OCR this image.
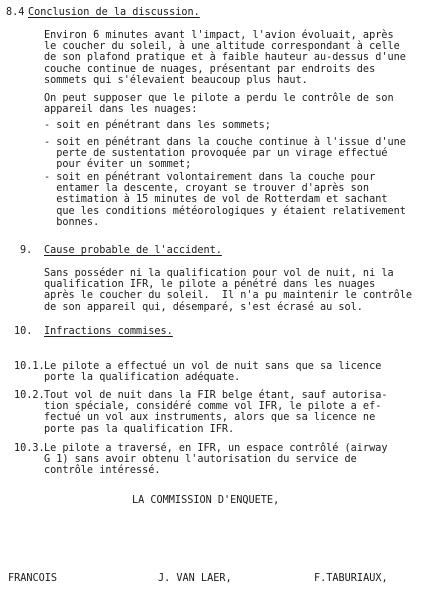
8.4 Conclusion de la discussion.
Environ 6 minutes avant l'impact, l'avion évoluait, après
le coucher du soleil, à une altitude correspondant à celle
de son plafond pratique et à faible hauteur au-dessus d'une
couche continue de nuages, présentant par endroits des
sommets qui s'élevaient beaucoup plus haut.
On peut supposer que le pilote a perdu le contrôle de son
appareil dans les nuages:
- soit en pénétrant dans les sommets;
- soit en pénétrant dans la couche continue à l'issue d'une
perte de sustentation provoquée par un virage effectué
pour éviter un sommet;
- soit en pénétrant volontairement dans la couche pour
entamer la descente, croyant se trouver d'après son
estimation à 15 minutes de vol de Rotterdam et sachant
que les conditions météorologiques y étaient relativement
bonnes.
9. Cause probable de l'accident.
Sans posséder ni la qualification pour vol de nuit, ni la
qualification IFR, le pilote a pénétré dans les nuages
après le coucher du soleil.  Il n'a pu maintenir le contrôle
de son appareil qui, désemparé, s'est écrasé au sol.
10. Infractions commises.
10.1. Le pilote a effectué un vol de nuit sans que sa licence
porte la qualification adéquate.
10.2. Tout vol de nuit dans la FIR belge étant, sauf autorisa-
tion spéciale, considéré comme vol IFR, le pilote a ef-
fectué un vol aux instruments, alors que sa licence ne
porte pas la qualification IFR.
10.3. Le pilote a traversé, en IFR, un espace contrôlé (airway
G 1) sans avoir obtenu l'autorisation du service de
contrôle intéressé.
LA COMMISSION D'ENQUETE,
FRANCOIS	J. VAN LAER,	F.TABURIAUX,
